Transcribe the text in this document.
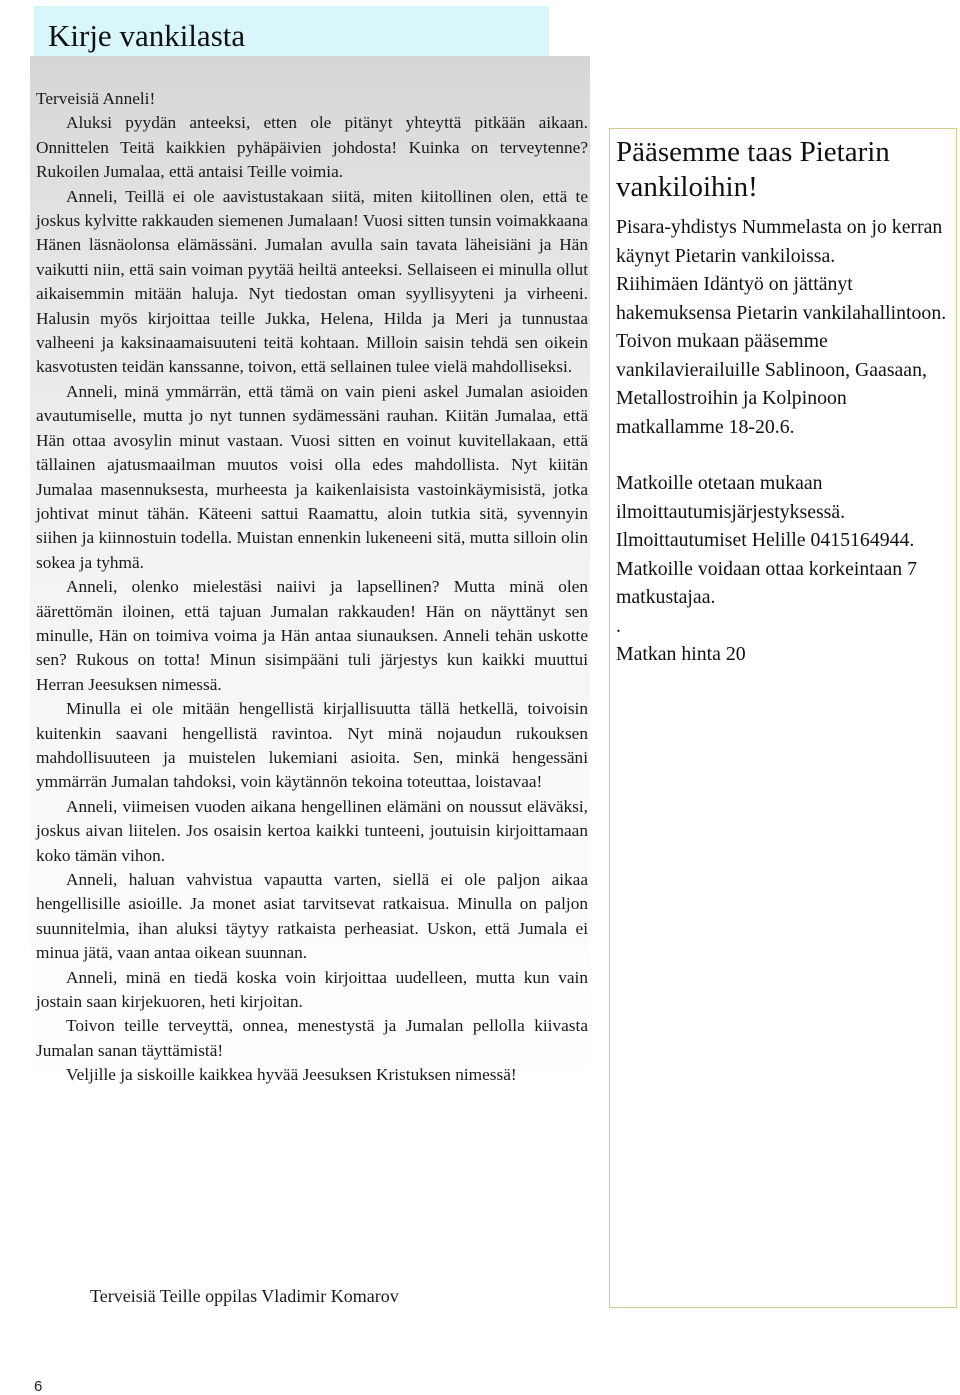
Kirje vankilasta

Terveisiä Anneli!

Aluksi pyydän anteeksi, etten ole pitänyt yhteyttä pitkään aikaan. Onnittelen Teitä kaikkien pyhäpäivien johdosta! Kuinka on terveytenne? Rukoilen Jumalaa, että antaisi Teille voimia.

Anneli, Teillä ei ole aavistustakaan siitä, miten kiitollinen olen, että te joskus kylvitte rakkauden siemenen Jumalaan! Vuosi sitten tunsin voimakkaana Hänen läsnäolonsa elämässäni. Jumalan avulla sain tavata läheisiäni ja Hän vaikutti niin, että sain voiman pyytää heiltä anteeksi. Sellaiseen ei minulla ollut aikaisemmin mitään haluja. Nyt tiedostan oman syyllisyyteni ja virheeni. Halusin myös kirjoittaa teille Jukka, Helena, Hilda ja Meri ja tunnustaa valheeni ja kaksinaamaisuuteni teitä kohtaan. Milloin saisin tehdä sen oikein kasvotusten teidän kanssanne, toivon, että sellainen tulee vielä mahdolliseksi.

Anneli, minä ymmärrän, että tämä on vain pieni askel Jumalan asioiden avautumiselle, mutta jo nyt tunnen sydämessäni rauhan. Kiitän Jumalaa, että Hän ottaa avosylin minut vastaan. Vuosi sitten en voinut kuvitellakaan, että tällainen ajatusmaailman muutos voisi olla edes mahdollista. Nyt kiitän Jumalaa masennuksesta, murheesta ja kaikenlaisista vastoinkäymisistä, jotka johtivat minut tähän. Käteeni sattui Raamattu, aloin tutkia sitä, syvennyin siihen ja kiinnostuin todella. Muistan ennenkin lukeneeni sitä, mutta silloin olin sokea ja tyhmä.

Anneli, olenko mielestäsi naiivi ja lapsellinen? Mutta minä olen äärettömän iloinen, että tajuan Jumalan rakkauden! Hän on näyttänyt sen minulle, Hän on toimiva voima ja Hän antaa siunauksen. Anneli tehän uskotte sen? Rukous on totta! Minun sisimpääni tuli järjestys kun kaikki muuttui Herran Jeesuksen nimessä.

Minulla ei ole mitään hengellistä kirjallisuutta tällä hetkellä, toivoisin kuitenkin saavani hengellistä ravintoa. Nyt minä nojaudun rukouksen mahdollisuuteen ja muistelen lukemiani asioita. Sen, minkä hengessäni ymmärrän Jumalan tahdoksi, voin käytännön tekoina toteuttaa, loistavaa!

Anneli, viimeisen vuoden aikana hengellinen elämäni on noussut eläväksi, joskus aivan liitelen. Jos osaisin kertoa kaikki tunteeni, joutuisin kirjoittamaan koko tämän vihon.

Anneli, haluan vahvistua vapautta varten, siellä ei ole paljon aikaa hengellisille asioille. Ja monet asiat tarvitsevat ratkaisua. Minulla on paljon suunnitelmia, ihan aluksi täytyy ratkaista perheasiat. Uskon, että Jumala ei minua jätä, vaan antaa oikean suunnan.

Anneli, minä en tiedä koska voin kirjoittaa uudelleen, mutta kun vain jostain saan kirjekuoren, heti kirjoitan.

Toivon teille terveyttä, onnea, menestystä ja Jumalan pellolla kiivasta Jumalan sanan täyttämistä!

Veljille ja siskoille kaikkea hyvää Jeesuksen Kristuksen nimessä!

Terveisiä Teille oppilas Vladimir Komarov
Pääsemme taas Pietarin vankiloihin!

Pisara-yhdistys Nummelasta on jo kerran käynyt Pietarin vankiloissa.

Riihimäen Idäntyö on jättänyt hakemuksensa Pietarin vankilahallintoon.

Toivon mukaan pääsemme vankilavierailuille Sablinoon, Gaasaan, Metallostroihin ja Kolpinoon matkallamme 18-20.6.

Matkoille otetaan mukaan ilmoittautumisjärjestyksessä.

Ilmoittautumiset Helille 0415164944.

Matkoille voidaan ottaa korkeintaan 7 matkustajaa.

.

Matkan hinta 20

6
